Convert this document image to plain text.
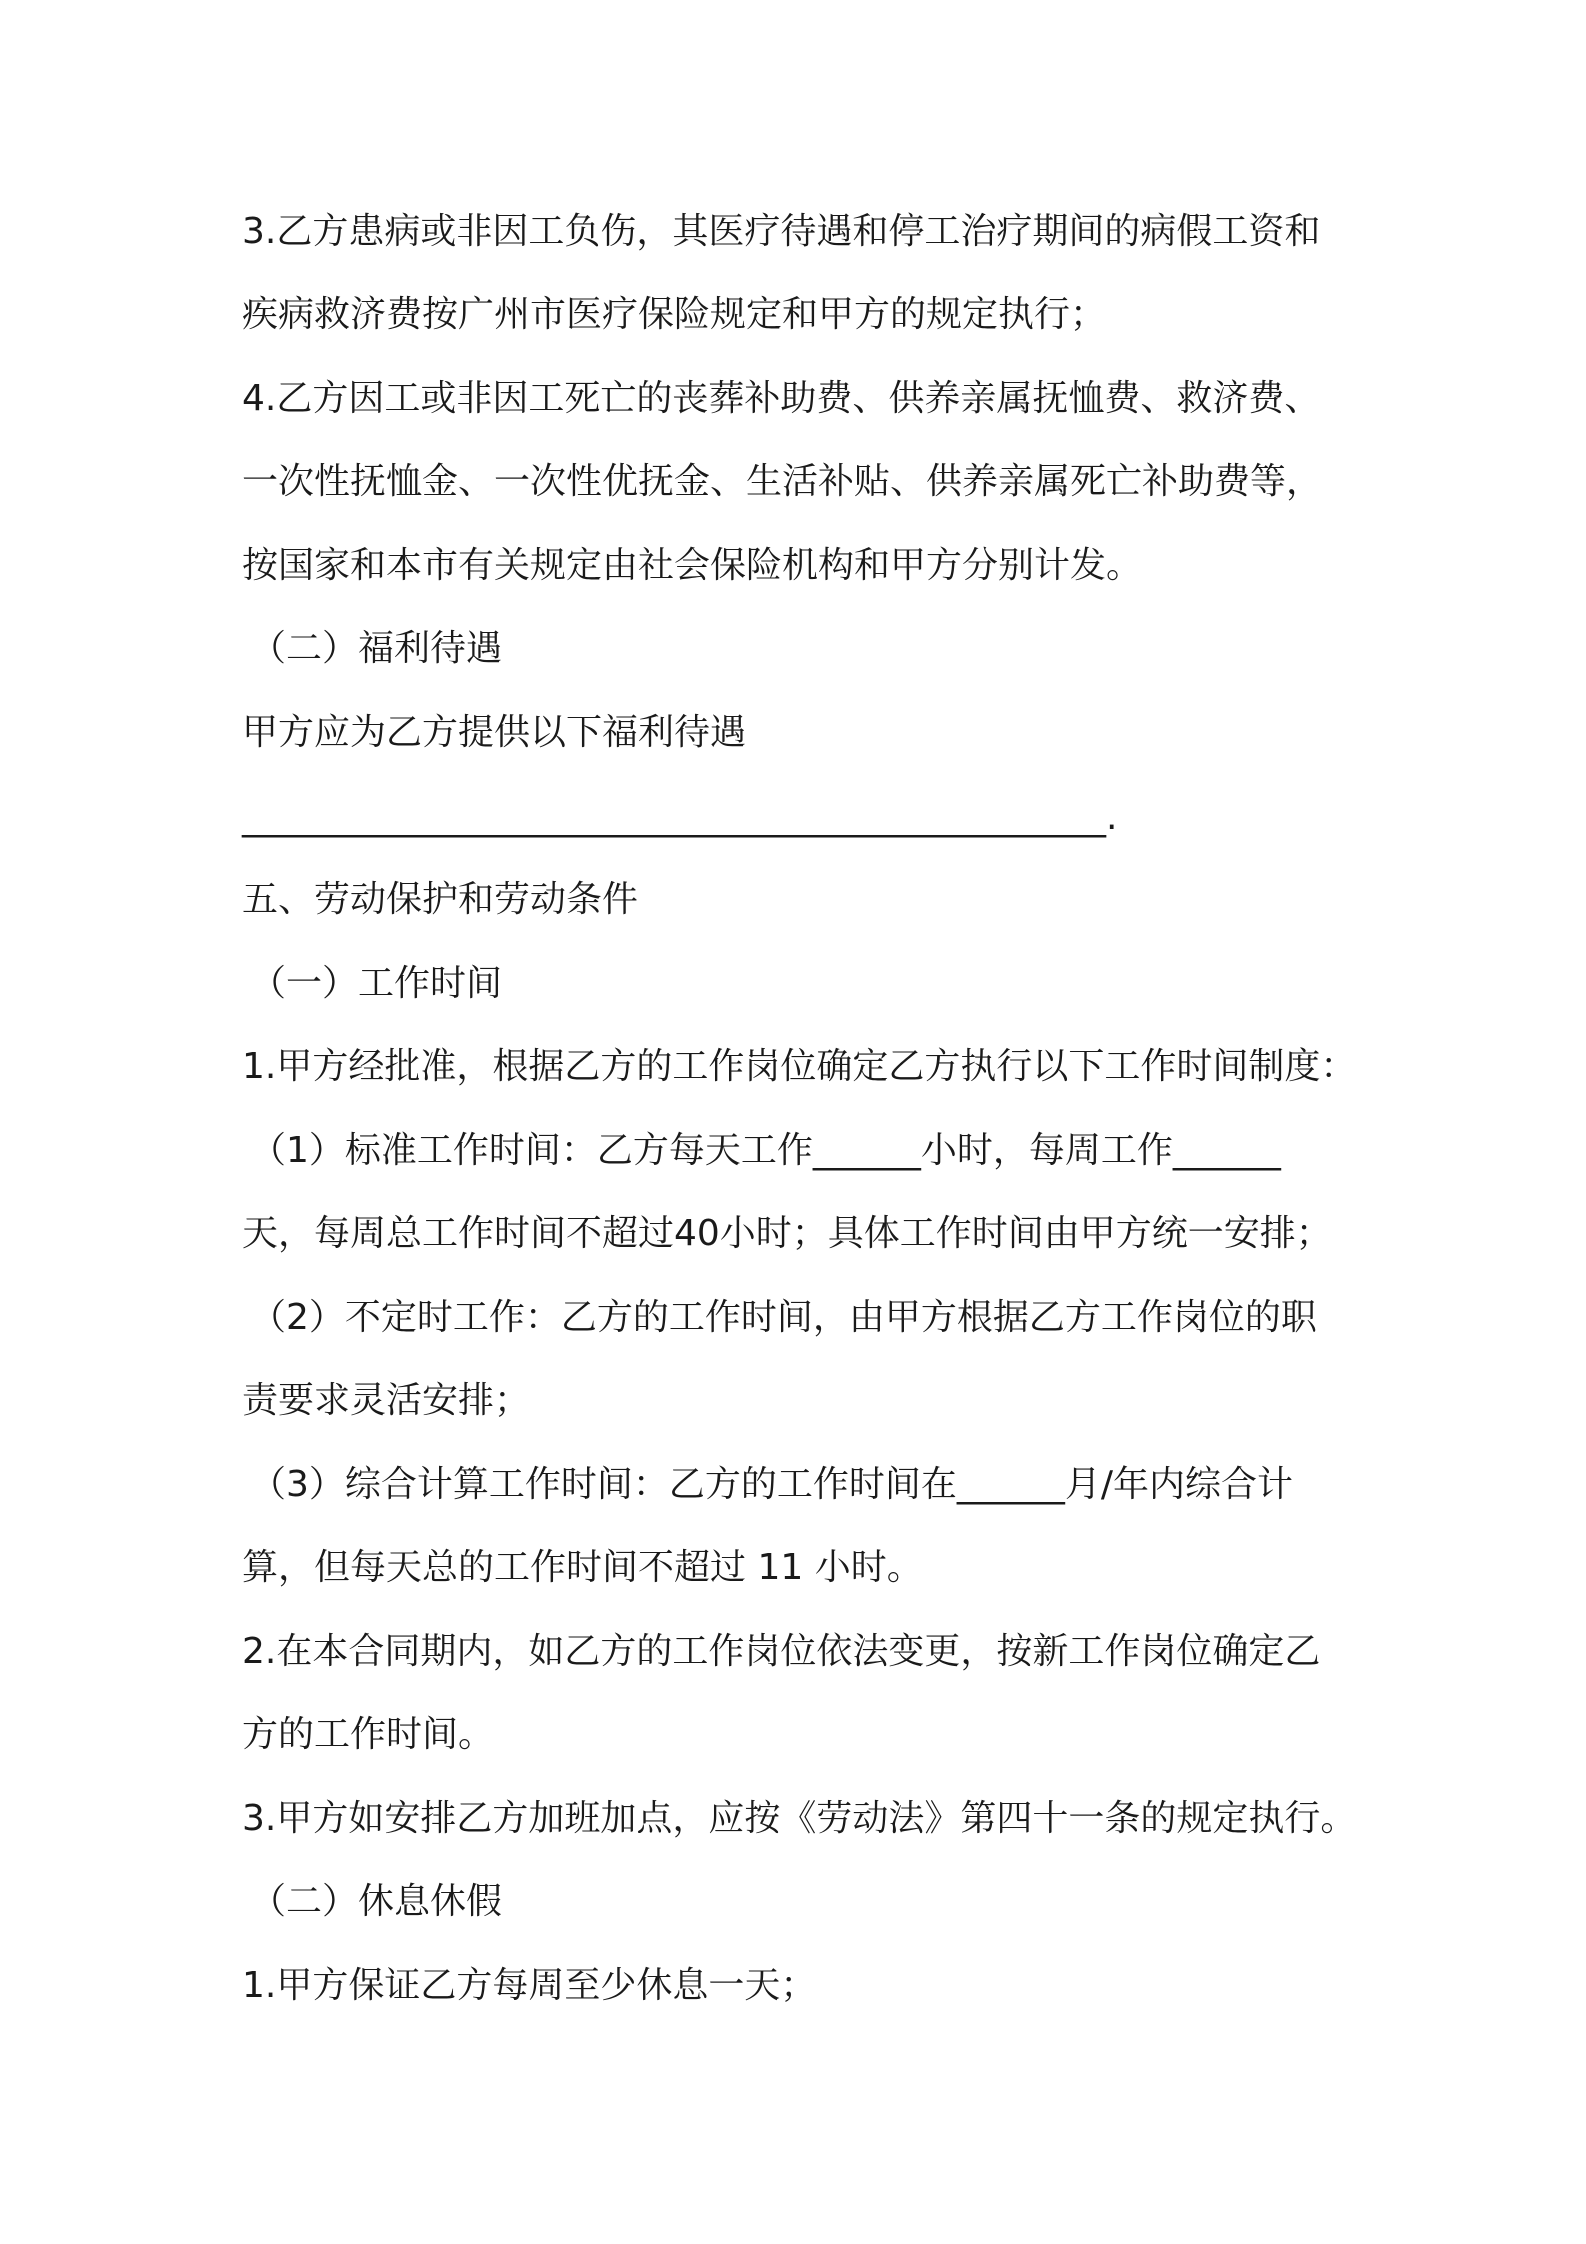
3.乙方患病或非因工负伤，其医疗待遇和停工治疗期间的病假工资和
疾病救济费按广州市医疗保险规定和甲方的规定执行；
4.乙方因工或非因工死亡的丧葬补助费、供养亲属抚恤费、救济费、
一次性抚恤金、一次性优抚金、生活补贴、供养亲属死亡补助费等，
按国家和本市有关规定由社会保险机构和甲方分别计发。
（二）福利待遇
甲方应为乙方提供以下福利待遇
________________________________________________.
五、劳动保护和劳动条件
（一）工作时间
1.甲方经批准，根据乙方的工作岗位确定乙方执行以下工作时间制度：
（1）标准工作时间：乙方每天工作______小时，每周工作______
天，每周总工作时间不超过40小时；具体工作时间由甲方统一安排；
（2）不定时工作：乙方的工作时间，由甲方根据乙方工作岗位的职
责要求灵活安排；
（3）综合计算工作时间：乙方的工作时间在______月/年内综合计
算，但每天总的工作时间不超过 11 小时。
2.在本合同期内，如乙方的工作岗位依法变更，按新工作岗位确定乙
方的工作时间。
3.甲方如安排乙方加班加点，应按《劳动法》第四十一条的规定执行。
（二）休息休假
1.甲方保证乙方每周至少休息一天；
